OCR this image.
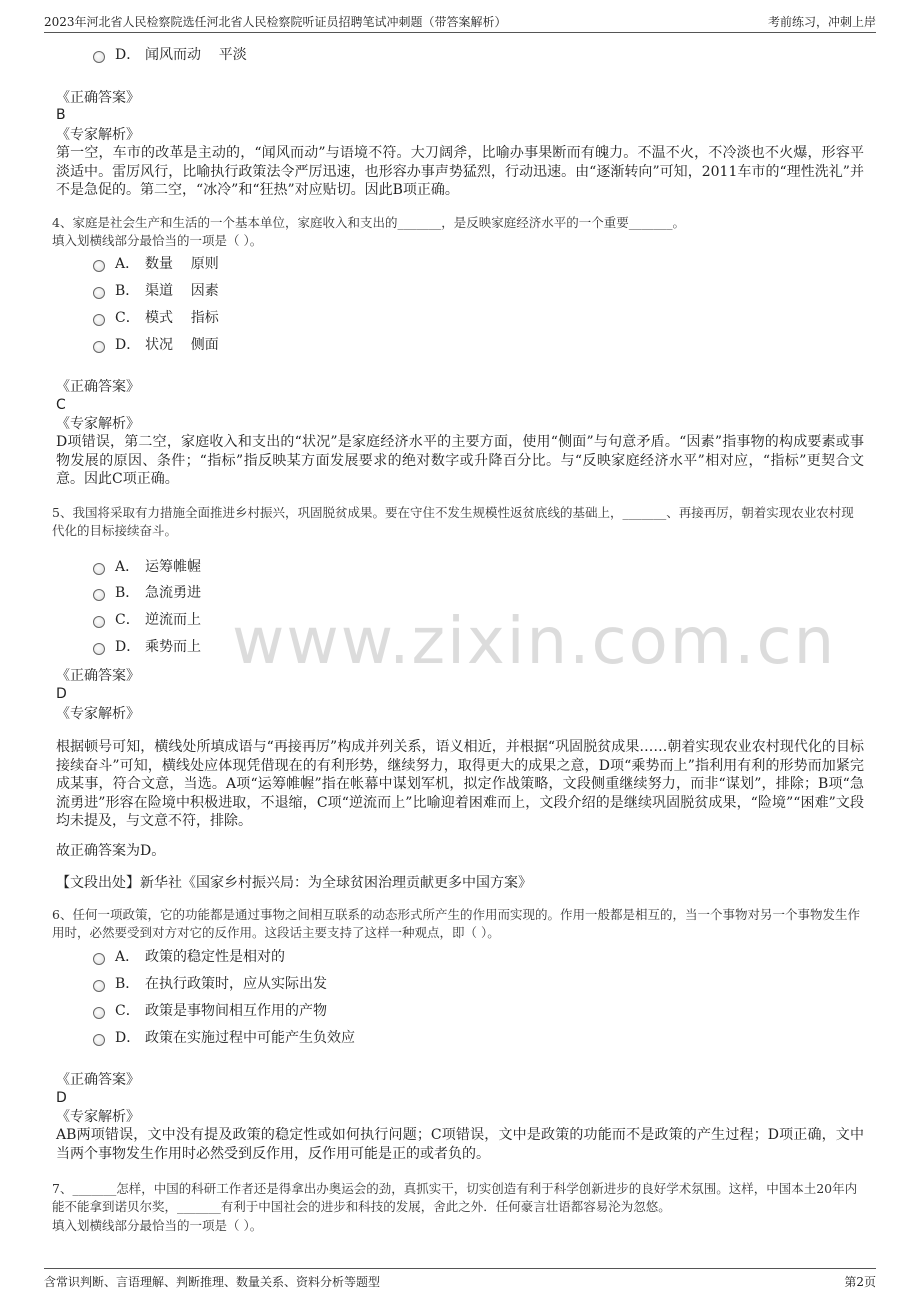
2023年河北省人民检察院选任河北省人民检察院听证员招聘笔试冲刺题（带答案解析）	考前练习，冲刺上岸
D． 闻风而动    平淡
《正确答案》
B
《专家解析》
第一空，车市的改革是主动的，“闻风而动”与语境不符。大刀阔斧，比喻办事果断而有魄力。不温不火，不冷淡也不火爆，形容平淡适中。雷厉风行，比喻执行政策法令严厉迅速，也形容办事声势猛烈，行动迅速。由“逐渐转向”可知，2011车市的“理性洗礼”并不是急促的。第二空，“冰冷”和“狂热”对应贴切。因此B项正确。
4、家庭是社会生产和生活的一个基本单位，家庭收入和支出的_______，是反映家庭经济水平的一个重要_______。
填入划横线部分最恰当的一项是（ ）。
A． 数量    原则
B． 渠道    因素
C． 模式    指标
D． 状况    侧面
《正确答案》
C
《专家解析》
D项错误，第二空，家庭收入和支出的“状况”是家庭经济水平的主要方面，使用“侧面”与句意矛盾。“因素”指事物的构成要素或事物发展的原因、条件；“指标”指反映某方面发展要求的绝对数字或升降百分比。与“反映家庭经济水平”相对应，“指标”更契合文意。因此C项正确。
5、我国将采取有力措施全面推进乡村振兴，巩固脱贫成果。要在守住不发生规模性返贫底线的基础上，_______、再接再厉，朝着实现农业农村现代化的目标接续奋斗。
A． 运筹帷幄
B． 急流勇进
C． 逆流而上
D． 乘势而上
《正确答案》
D
《专家解析》
根据顿号可知，横线处所填成语与“再接再厉”构成并列关系，语义相近，并根据“巩固脱贫成果……朝着实现农业农村现代化的目标接续奋斗”可知，横线处应体现凭借现在的有利形势，继续努力，取得更大的成果之意，D项“乘势而上”指利用有利的形势而加紧完成某事，符合文意，当选。A项“运筹帷幄”指在帐幕中谋划军机，拟定作战策略，文段侧重继续努力，而非“谋划”，排除；B项“急流勇进”形容在险境中积极进取，不退缩，C项“逆流而上”比喻迎着困难而上，文段介绍的是继续巩固脱贫成果，“险境”“困难”文段均未提及，与文意不符，排除。
故正确答案为D。
【文段出处】新华社《国家乡村振兴局：为全球贫困治理贡献更多中国方案》
6、任何一项政策，它的功能都是通过事物之间相互联系的动态形式所产生的作用而实现的。作用一般都是相互的，当一个事物对另一个事物发生作用时，必然要受到对方对它的反作用。这段话主要支持了这样一种观点，即（ ）。
A． 政策的稳定性是相对的
B． 在执行政策时，应从实际出发
C． 政策是事物间相互作用的产物
D． 政策在实施过程中可能产生负效应
《正确答案》
D
《专家解析》
AB两项错误，文中没有提及政策的稳定性或如何执行问题；C项错误，文中是政策的功能而不是政策的产生过程；D项正确，文中当两个事物发生作用时必然受到反作用，反作用可能是正的或者负的。
7、_______怎样，中国的科研工作者还是得拿出办奥运会的劲，真抓实干，切实创造有利于科学创新进步的良好学术氛围。这样，中国本土20年内能不能拿到诺贝尔奖，_______有利于中国社会的进步和科技的发展，舍此之外．任何豪言壮语都容易沦为忽悠。
填入划横线部分最恰当的一项是（ ）。
www.zixin.com.cn
含常识判断、言语理解、判断推理、数量关系、资料分析等题型	第2页
